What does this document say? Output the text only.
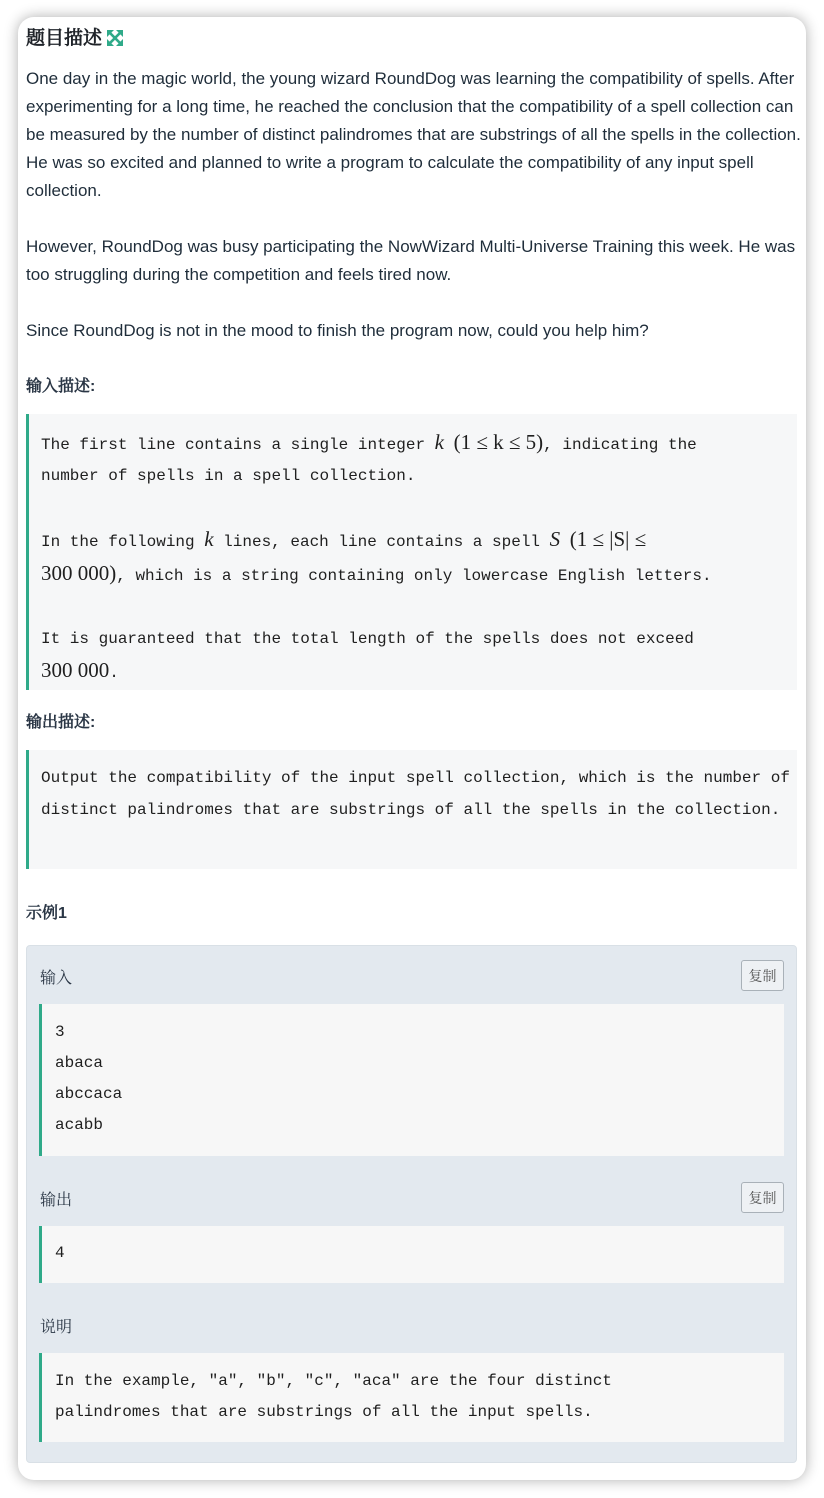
题目描述

One day in the magic world, the young wizard RoundDog was learning the compatibility of spells. After experimenting for a long time, he reached the conclusion that the compatibility of a spell collection can be measured by the number of distinct palindromes that are substrings of all the spells in the collection. He was so excited and planned to write a program to calculate the compatibility of any input spell collection.

However, RoundDog was busy participating the NowWizard Multi-Universe Training this week. He was too struggling during the competition and feels tired now.

Since RoundDog is not in the mood to finish the program now, could you help him?

输入描述:
The first line contains a single integer k (1 ≤ k ≤ 5), indicating the
number of spells in a spell collection.
In the following k lines, each line contains a spell S (1 ≤ |S| ≤
300 000), which is a string containing only lowercase English letters.
It is guaranteed that the total length of the spells does not exceed
300 000.
输出描述:
Output the compatibility of the input spell collection, which is the number of distinct palindromes that are substrings of all the spells in the collection.
示例1
输入	复制
3
abaca
abccaca
acabb
输出	复制
4
说明
In the example, "a", "b", "c", "aca" are the four distinct palindromes that are substrings of all the input spells.
